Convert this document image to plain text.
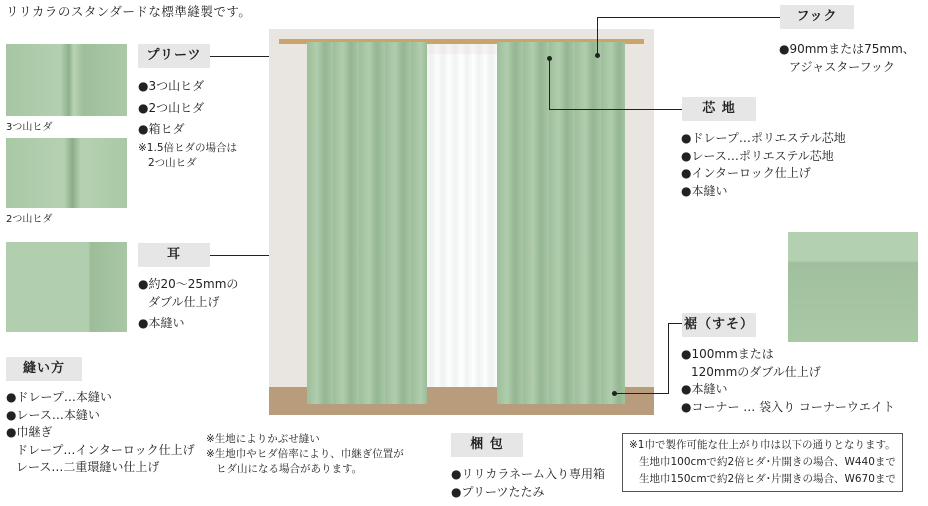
リリカラのスタンダードな標準縫製です。
3つ山ヒダ
2つ山ヒダ
プリーツ
●3つ山ヒダ
●2つ山ヒダ
●箱ヒダ
※1.5倍ヒダの場合は
2つ山ヒダ
耳
●約20～25mmの
ダブル仕上げ
●本縫い
縫い方
●ドレープ…本縫い
●レース…本縫い
●巾継ぎ
ドレープ…インターロック仕上げ
レース…二重環縫い仕上げ
※生地によりかぶせ縫い
※生地巾やヒダ倍率により、巾継ぎ位置が
ヒダ山になる場合があります。
フック
●90mmまたは75mm、
アジャスターフック
芯 地
●ドレープ…ポリエステル芯地
●レース…ポリエステル芯地
●インターロック仕上げ
●本縫い
裾（すそ）
●100mmまたは
120mmのダブル仕上げ
●本縫い
●コーナー … 袋入り コーナーウエイト
梱 包
●リリカラネーム入り専用箱
●プリーツたたみ
※1巾で製作可能な仕上がり巾は以下の通りとなります。
生地巾100cmで約2倍ヒダ･片開きの場合、W440まで
生地巾150cmで約2倍ヒダ･片開きの場合、W670まで
